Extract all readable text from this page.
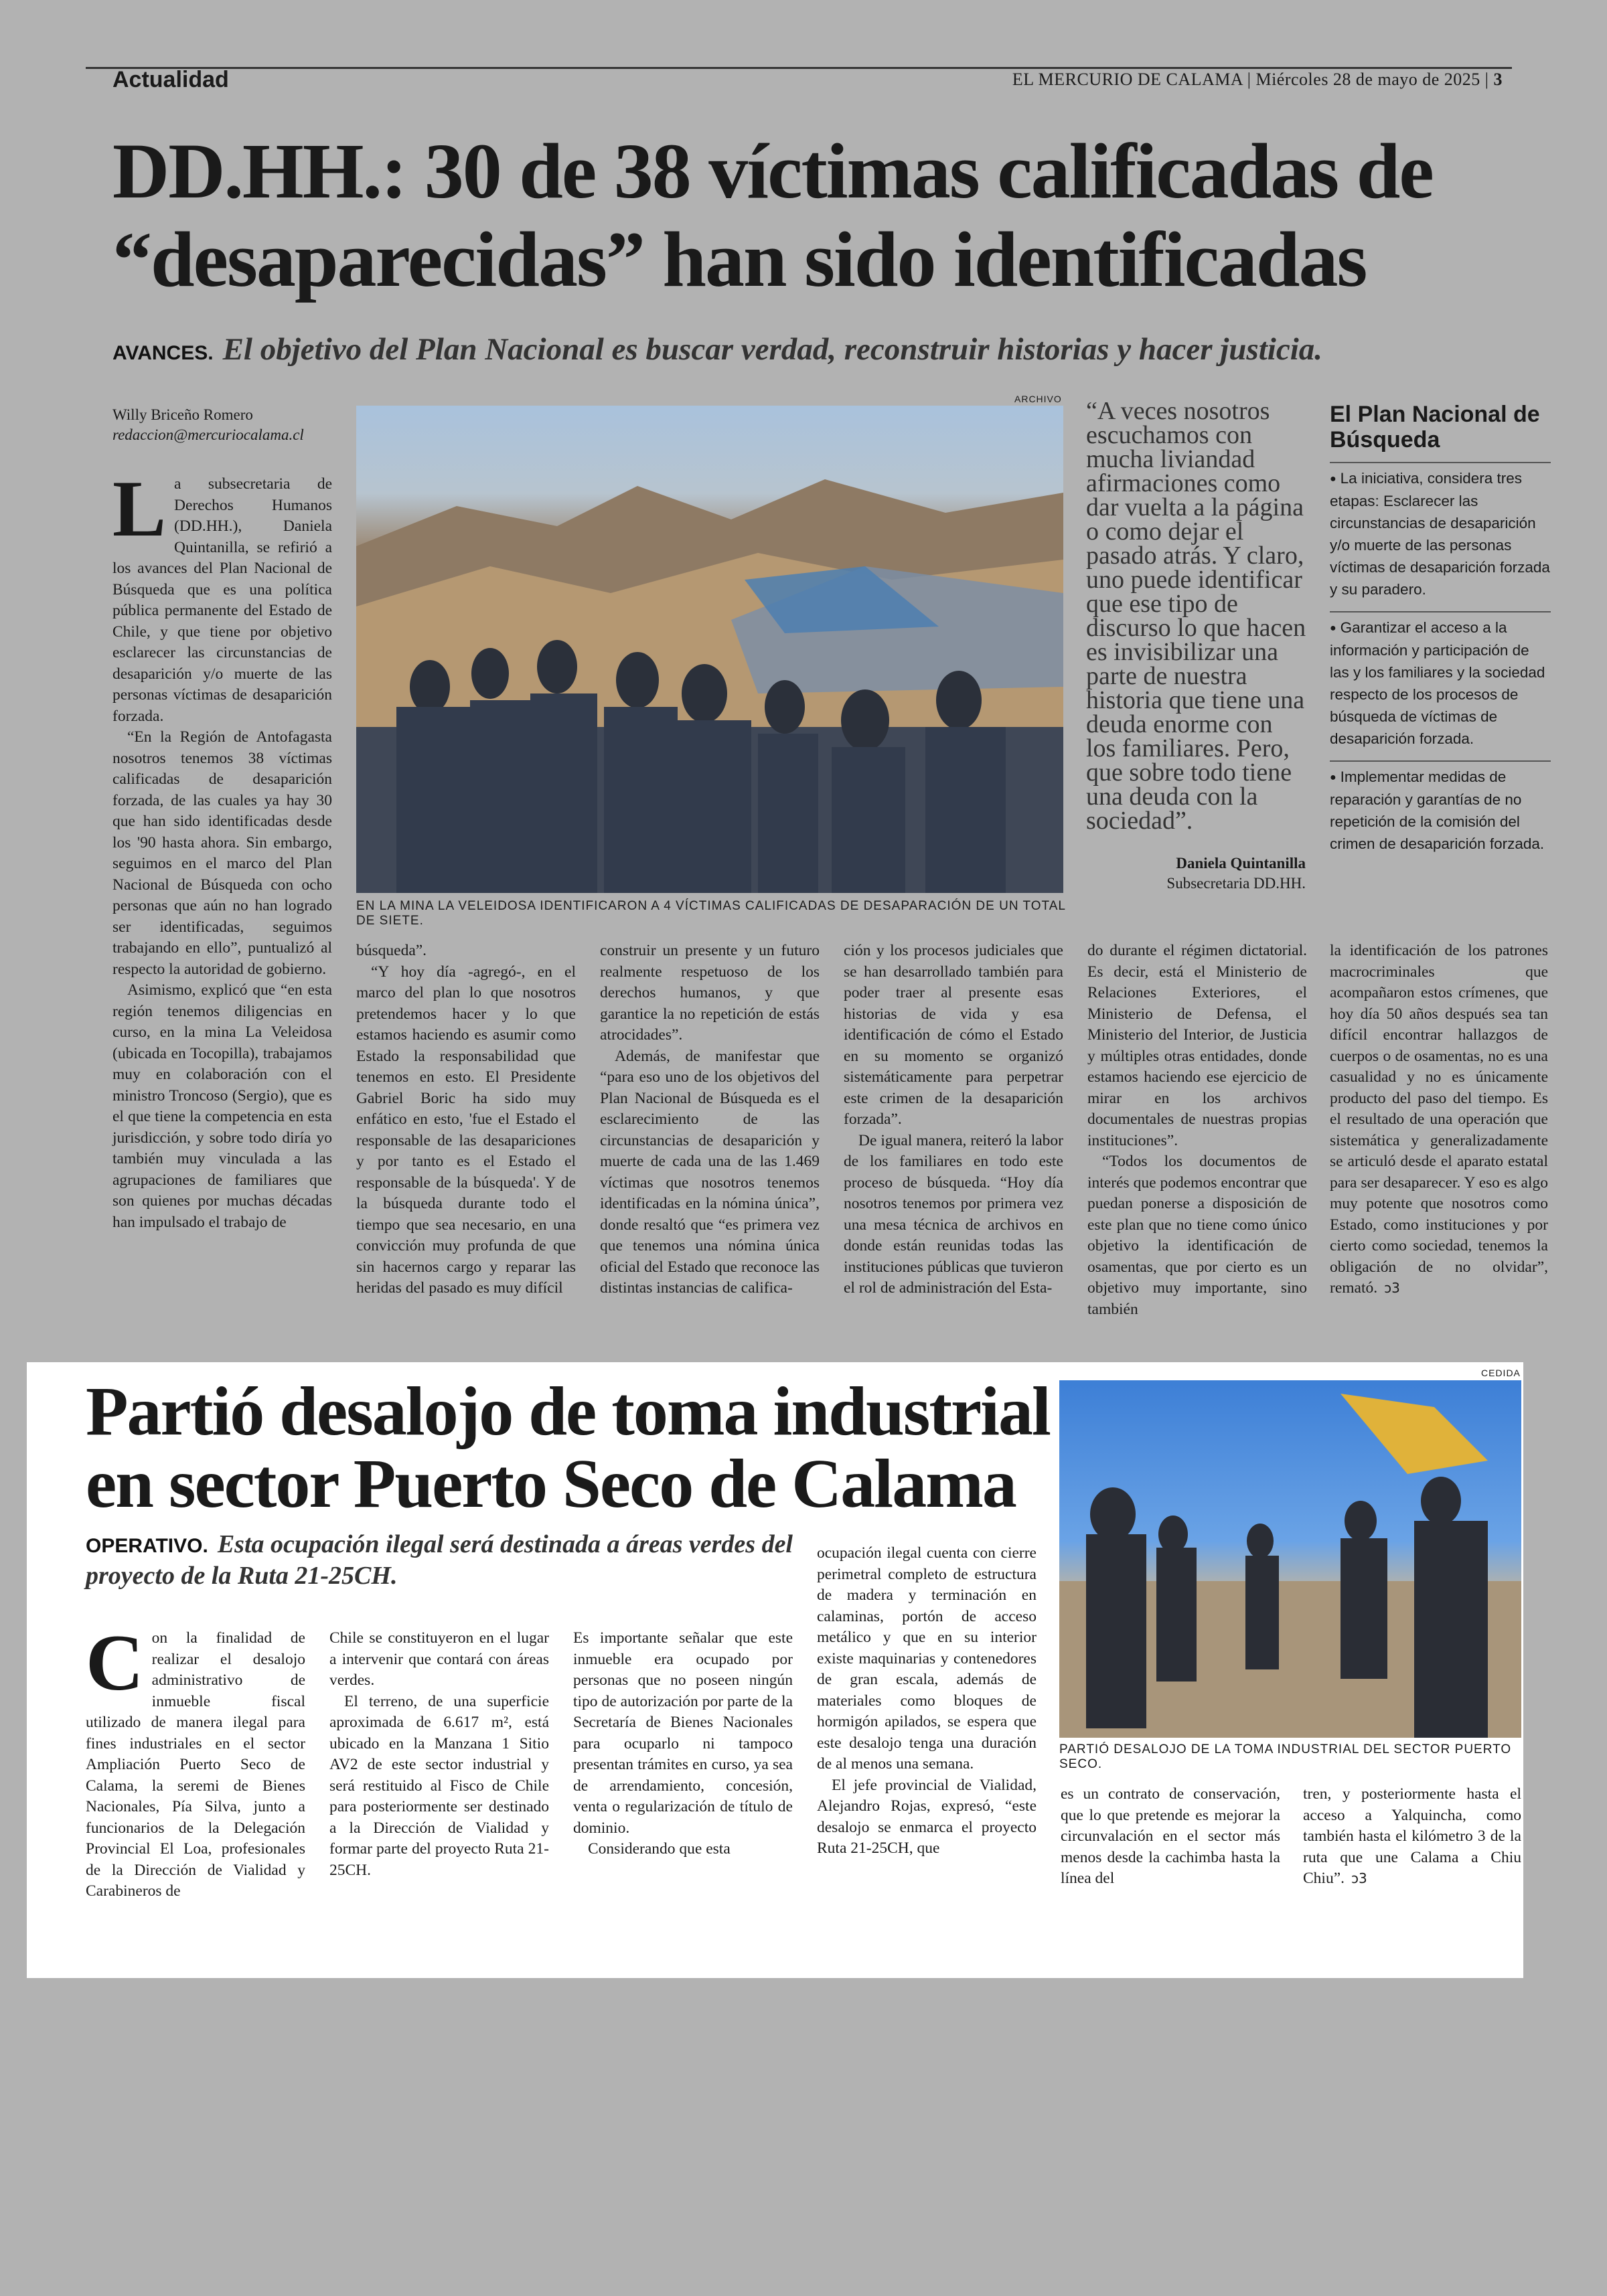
Actualidad	EL MERCURIO DE CALAMA | Miércoles 28 de mayo de 2025 | 3
DD.HH.: 30 de 38 víctimas calificadas de “desaparecidas” han sido identificadas
AVANCES. El objetivo del Plan Nacional es buscar verdad, reconstruir historias y hacer justicia.
Willy Briceño Romero
redaccion@mercuriocalama.cl
ARCHIVO
EN LA MINA LA VELEIDOSA IDENTIFICARON A 4 VÍCTIMAS CALIFICADAS DE DESAPARACIÓN DE UN TOTAL DE SIETE.

La subsecretaria de Derechos Humanos (DD.HH.), Daniela Quintanilla, se refirió a los avances del Plan Nacional de Búsqueda que es una política pública permanente del Estado de Chile, y que tiene por objetivo esclarecer las circunstancias de desaparición y/o muerte de las personas víctimas de desaparición forzada.

“En la Región de Antofagasta nosotros tenemos 38 víctimas calificadas de desaparición forzada, de las cuales ya hay 30 que han sido identificadas desde los '90 hasta ahora. Sin embargo, seguimos en el marco del Plan Nacional de Búsqueda con ocho personas que aún no han logrado ser identificadas, seguimos trabajando en ello”, puntualizó al respecto la autoridad de gobierno.

Asimismo, explicó que “en esta región tenemos diligencias en curso, en la mina La Veleidosa (ubicada en Tocopilla), trabajamos muy en colaboración con el ministro Troncoso (Sergio), que es el que tiene la competencia en esta jurisdicción, y sobre todo diría yo también muy vinculada a las agrupaciones de familiares que son quienes por muchas décadas han impulsado el trabajo de

búsqueda”.

“Y hoy día -agregó-, en el marco del plan lo que nosotros pretendemos hacer y lo que estamos haciendo es asumir como Estado la responsabilidad que tenemos en esto. El Presidente Gabriel Boric ha sido muy enfático en esto, 'fue el Estado el responsable de las desapariciones y por tanto es el Estado el responsable de la búsqueda'. Y de la búsqueda durante todo el tiempo que sea necesario, en una convicción muy profunda de que sin hacernos cargo y reparar las heridas del pasado es muy difícil

construir un presente y un futuro realmente respetuoso de los derechos humanos, y que garantice la no repetición de estás atrocidades”.

Además, de manifestar que “para eso uno de los objetivos del Plan Nacional de Búsqueda es el esclarecimiento de las circunstancias de desaparición y muerte de cada una de las 1.469 víctimas que nosotros tenemos identificadas en la nómina única”, donde resaltó que “es primera vez que tenemos una nómina única oficial del Estado que reconoce las distintas instancias de califica-

ción y los procesos judiciales que se han desarrollado también para poder traer al presente esas historias de vida y esa identificación de cómo el Estado en su momento se organizó sistemáticamente para perpetrar este crimen de la desaparición forzada”.

De igual manera, reiteró la labor de los familiares en todo este proceso de búsqueda. “Hoy día nosotros tenemos por primera vez una mesa técnica de archivos en donde están reunidas todas las instituciones públicas que tuvieron el rol de administración del Esta-

do durante el régimen dictatorial. Es decir, está el Ministerio de Relaciones Exteriores, el Ministerio de Defensa, el Ministerio del Interior, de Justicia y múltiples otras entidades, donde estamos haciendo ese ejercicio de mirar en los archivos documentales de nuestras propias instituciones”.

“Todos los documentos de interés que podemos encontrar que puedan ponerse a disposición de este plan que no tiene como único objetivo la identificación de osamentas, que por cierto es un objetivo muy importante, sino también

la identificación de los patrones macrocriminales que acompañaron estos crímenes, que hoy día 50 años después sea tan difícil encontrar hallazgos de cuerpos o de osamentas, no es una casualidad y no es únicamente producto del paso del tiempo. Es el resultado de una operación que sistemática y generalizadamente se articuló desde el aparato estatal para ser desaparecer. Y eso es algo muy potente que nosotros como Estado, como instituciones y por cierto como sociedad, tenemos la obligación de no olvidar”, remató. ↄ3

“A veces nosotros escuchamos con mucha liviandad afirmaciones como dar vuelta a la página o como dejar el pasado atrás. Y claro, uno puede identificar que ese tipo de discurso lo que hacen es invisibilizar una parte de nuestra historia que tiene una deuda enorme con los familiares. Pero, que sobre todo tiene una deuda con la sociedad”.
Daniela Quintanilla
Subsecretaria DD.HH.
El Plan Nacional de Búsqueda
● La iniciativa, considera tres etapas: Esclarecer las circunstancias de desaparición y/o muerte de las personas víctimas de desaparición forzada y su paradero.
● Garantizar el acceso a la información y participación de las y los familiares y la sociedad respecto de los procesos de búsqueda de víctimas de desaparición forzada.
● Implementar medidas de reparación y garantías de no repetición de la comisión del crimen de desaparición forzada.
Partió desalojo de toma industrial en sector Puerto Seco de Calama
OPERATIVO. Esta ocupación ilegal será destinada a áreas verdes del proyecto de la Ruta 21-25CH.
CEDIDA
PARTIÓ DESALOJO DE LA TOMA INDUSTRIAL DEL SECTOR PUERTO SECO.

Con la finalidad de realizar el desalojo administrativo de inmueble fiscal utilizado de manera ilegal para fines industriales en el sector Ampliación Puerto Seco de Calama, la seremi de Bienes Nacionales, Pía Silva, junto a funcionarios de la Delegación Provincial El Loa, profesionales de la Dirección de Vialidad y Carabineros de

Chile se constituyeron en el lugar a intervenir que contará con áreas verdes.

El terreno, de una superficie aproximada de 6.617 m², está ubicado en la Manzana 1 Sitio AV2 de este sector industrial y será restituido al Fisco de Chile para posteriormente ser destinado a la Dirección de Vialidad y formar parte del proyecto Ruta 21-25CH.

Es importante señalar que este inmueble era ocupado por personas que no poseen ningún tipo de autorización por parte de la Secretaría de Bienes Nacionales para ocuparlo ni tampoco presentan trámites en curso, ya sea de arrendamiento, concesión, venta o regularización de título de dominio.

Considerando que esta

ocupación ilegal cuenta con cierre perimetral completo de estructura de madera y terminación en calaminas, portón de acceso metálico y que en su interior existe maquinarias y contenedores de gran escala, además de materiales como bloques de hormigón apilados, se espera que este desalojo tenga una duración de al menos una semana.

El jefe provincial de Vialidad, Alejandro Rojas, expresó, “este desalojo se enmarca el proyecto Ruta 21-25CH, que

es un contrato de conservación, que lo que pretende es mejorar la circunvalación en el sector más menos desde la cachimba hasta la línea del

tren, y posteriormente hasta el acceso a Yalquincha, como también hasta el kilómetro 3 de la ruta que une Calama a Chiu Chiu”. ↄ3
